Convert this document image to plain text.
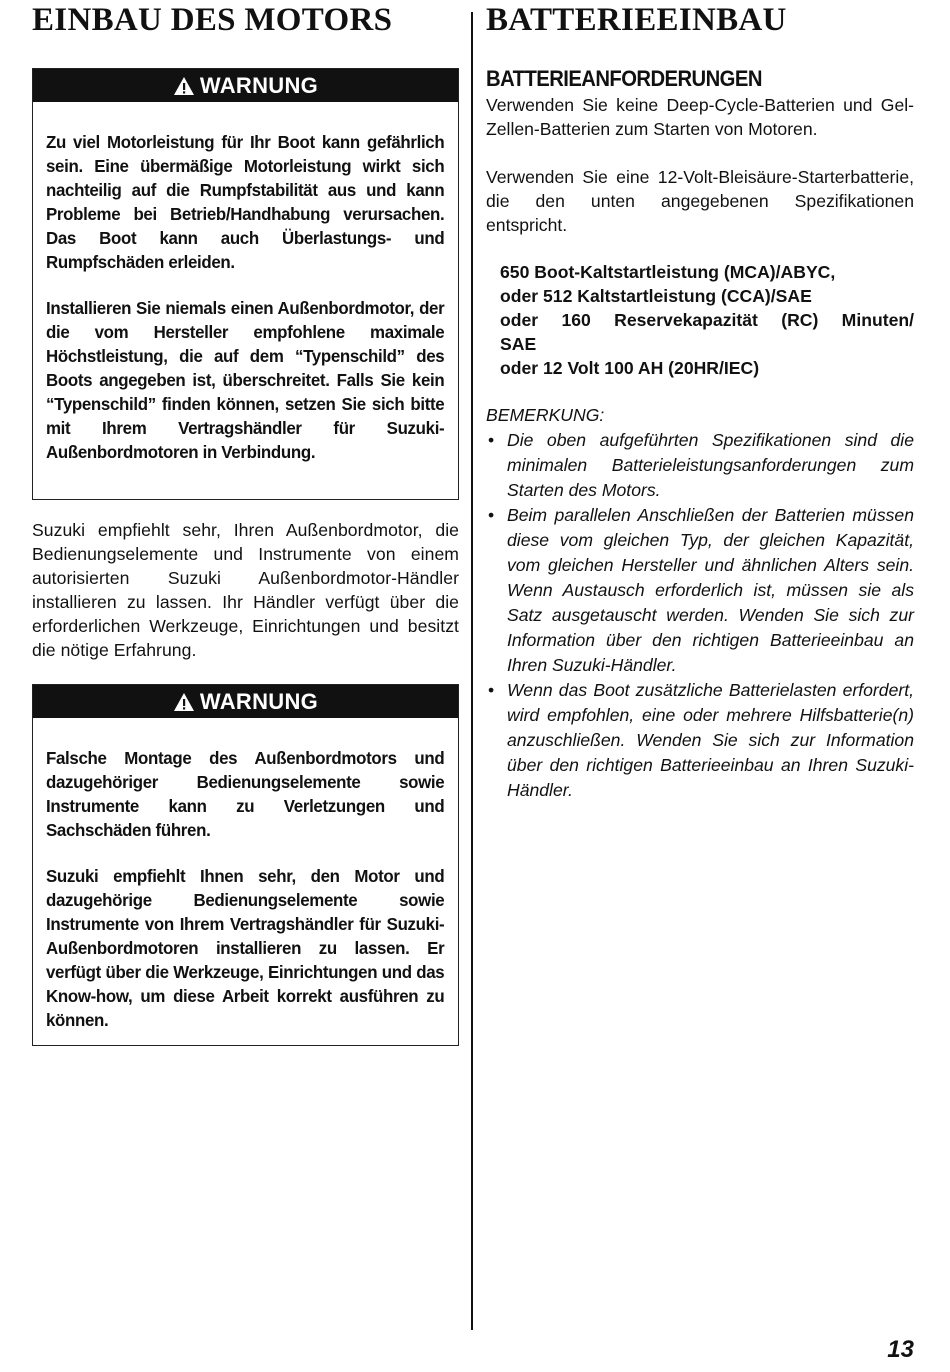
EINBAU DES MOTORS
WARNUNG

Zu viel Motorleistung für Ihr Boot kann gefährlich sein. Eine übermäßige Motorleistung wirkt sich nachteilig auf die Rumpfstabilität aus und kann Probleme bei Betrieb/Handhabung verursachen. Das Boot kann auch Überlastungs- und Rumpfschäden erleiden.

Installieren Sie niemals einen Außenbordmotor, der die vom Hersteller empfohlene maximale Höchstleistung, die auf dem “Typenschild” des Boots angegeben ist, überschreitet. Falls Sie kein “Typenschild” finden können, setzen Sie sich bitte mit Ihrem Vertragshändler für Suzuki-Außenbordmotoren in Verbindung.

Suzuki empfiehlt sehr, Ihren Außenbordmotor, die Bedienungselemente und Instrumente von einem autorisierten Suzuki Außenbordmotor-Händler installieren zu lassen. Ihr Händler verfügt über die erforderlichen Werkzeuge, Einrichtungen und besitzt die nötige Erfahrung.

WARNUNG

Falsche Montage des Außenbordmotors und dazugehöriger Bedienungselemente sowie Instrumente kann zu Verletzungen und Sachschäden führen.

Suzuki empfiehlt Ihnen sehr, den Motor und dazugehörige Bedienungselemente sowie Instrumente von Ihrem Vertragshändler für Suzuki-Außenbordmotoren installieren zu lassen. Er verfügt über die Werkzeuge, Einrichtungen und das Know-how, um diese Arbeit korrekt ausführen zu können.

BATTERIEEINBAU
BATTERIEANFORDERUNGEN

Verwenden Sie keine Deep-Cycle-Batterien und Gel-Zellen-Batterien zum Starten von Motoren.

Verwenden Sie eine 12-Volt-Bleisäure-Starterbatterie, die den unten angegebenen Spezifikationen entspricht.

650 Boot-Kaltstartleistung (MCA)/ABYC,
oder 512 Kaltstartleistung (CCA)/SAE
oder 160 Reservekapazität (RC) Minuten/
SAE
oder 12 Volt 100 AH (20HR/IEC)
BEMERKUNG:
• Die oben aufgeführten Spezifikationen sind die minimalen Batterieleistungsanforderungen zum Starten des Motors.
• Beim parallelen Anschließen der Batterien müssen diese vom gleichen Typ, der gleichen Kapazität, vom gleichen Hersteller und ähnlichen Alters sein. Wenn Austausch erforderlich ist, müssen sie als Satz ausgetauscht werden. Wenden Sie sich zur Information über den richtigen Batterieeinbau an Ihren Suzuki-Händler.
• Wenn das Boot zusätzliche Batterielasten erfordert, wird empfohlen, eine oder mehrere Hilfsbatterie(n) anzuschließen. Wenden Sie sich zur Information über den richtigen Batterieeinbau an Ihren Suzuki-Händler.
13
